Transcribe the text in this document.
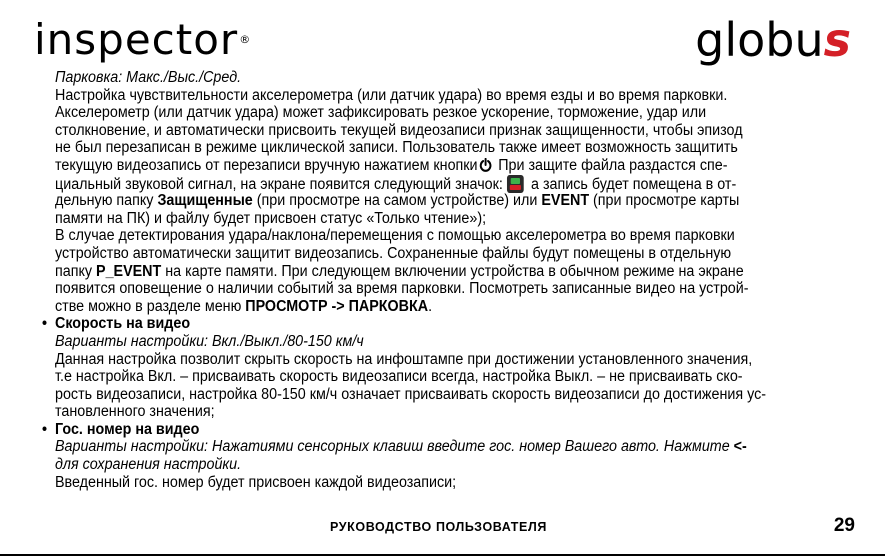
inspector®	globus
Парковка: Макс./Выс./Сред.
Настройка чувствительности акселерометра (или датчик удара) во время езды и во время парковки.
Акселерометр (или датчик удара) может зафиксировать резкое ускорение, торможение, удар или
столкновение, и автоматически присвоить текущей видеозаписи признак защищенности, чтобы эпизод
не был перезаписан в режиме циклической записи. Пользователь также имеет возможность защитить
текущую видеозапись от перезаписи вручную нажатием кнопки При защите файла раздастся спе-
циальный звуковой сигнал, на экране появится следующий значок: а запись будет помещена в от-
дельную папку Защищенные (при просмотре на самом устройстве) или EVENT (при просмотре карты
памяти на ПК) и файлу будет присвоен статус «Только чтение»);
В случае детектирования удара/наклона/перемещения с помощью акселерометра во время парковки
устройство автоматически защитит видеозапись. Сохраненные файлы будут помещены в отдельную
папку P_EVENT на карте памяти. При следующем включении устройства в обычном режиме на экране
появится оповещение о наличии событий за время парковки. Посмотреть записанные видео на устрой-
стве можно в разделе меню ПРОСМОТР -> ПАРКОВКА.
• Скорость на видео
Варианты настройки: Вкл./Выкл./80-150 км/ч
Данная настройка позволит скрыть скорость на инфоштампе при достижении установленного значения,
т.е настройка Вкл. – присваивать скорость видеозаписи всегда, настройка Выкл. – не присваивать ско-
рость видеозаписи, настройка 80-150 км/ч означает присваивать скорость видеозаписи до достижения ус-
тановленного значения;
• Гос. номер на видео
Варианты настройки: Нажатиями сенсорных клавиш введите гос. номер Вашего авто. Нажмите <-
для сохранения настройки.
Введенный гос. номер будет присвоен каждой видеозаписи;
РУКОВОДСТВО ПОЛЬЗОВАТЕЛЯ	29
